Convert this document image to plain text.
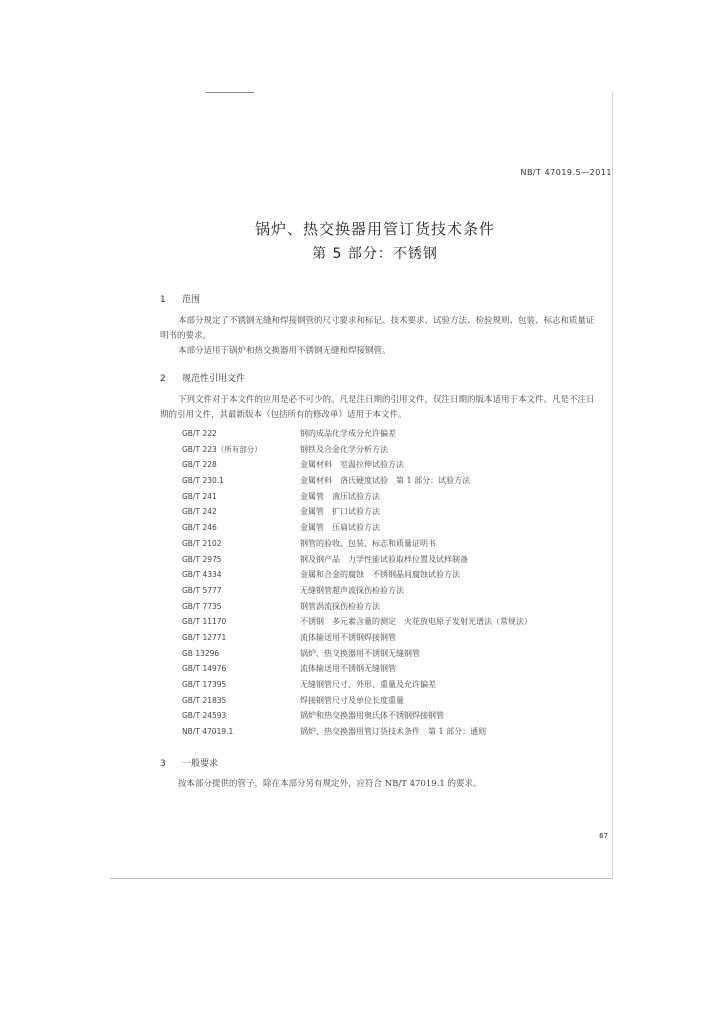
NB/T 47019.5—2011
锅炉、热交换器用管订货技术条件
第 5 部分：不锈钢
1 范围

本部分规定了不锈钢无缝和焊接钢管的尺寸要求和标记、技术要求、试验方法、检验规则、包装、标志和质量证明书的要求。

本部分适用于锅炉和热交换器用不锈钢无缝和焊接钢管。

2 规范性引用文件

下列文件对于本文件的应用是必不可少的。凡是注日期的引用文件，仅注日期的版本适用于本文件。凡是不注日期的引用文件，其最新版本（包括所有的修改单）适用于本文件。

GB/T 222	钢的成品化学成分允许偏差
GB/T 223（所有部分）	钢铁及合金化学分析方法
GB/T 228	金属材料　室温拉伸试验方法
GB/T 230.1	金属材料　洛氏硬度试验　第 1 部分：试验方法
GB/T 241	金属管　液压试验方法
GB/T 242	金属管　扩口试验方法
GB/T 246	金属管　压扁试验方法
GB/T 2102	钢管的验收、包装、标志和质量证明书
GB/T 2975	钢及钢产品　力学性能试验取样位置及试样制备
GB/T 4334	金属和合金的腐蚀　不锈钢晶间腐蚀试验方法
GB/T 5777	无缝钢管超声波探伤检验方法
GB/T 7735	钢管涡流探伤检验方法
GB/T 11170	不锈钢　多元素含量的测定　火花放电原子发射光谱法（常规法）
GB/T 12771	流体输送用不锈钢焊接钢管
GB 13296	锅炉、热交换器用不锈钢无缝钢管
GB/T 14976	流体输送用不锈钢无缝钢管
GB/T 17395	无缝钢管尺寸、外形、重量及允许偏差
GB/T 21835	焊接钢管尺寸及单位长度重量
GB/T 24593	锅炉和热交换器用奥氏体不锈钢焊接钢管
NB/T 47019.1	锅炉、热交换器用管订货技术条件　第 1 部分：通则
3 一般要求

按本部分提供的管子，除在本部分另有规定外，应符合 NB/T 47019.1 的要求。

67
